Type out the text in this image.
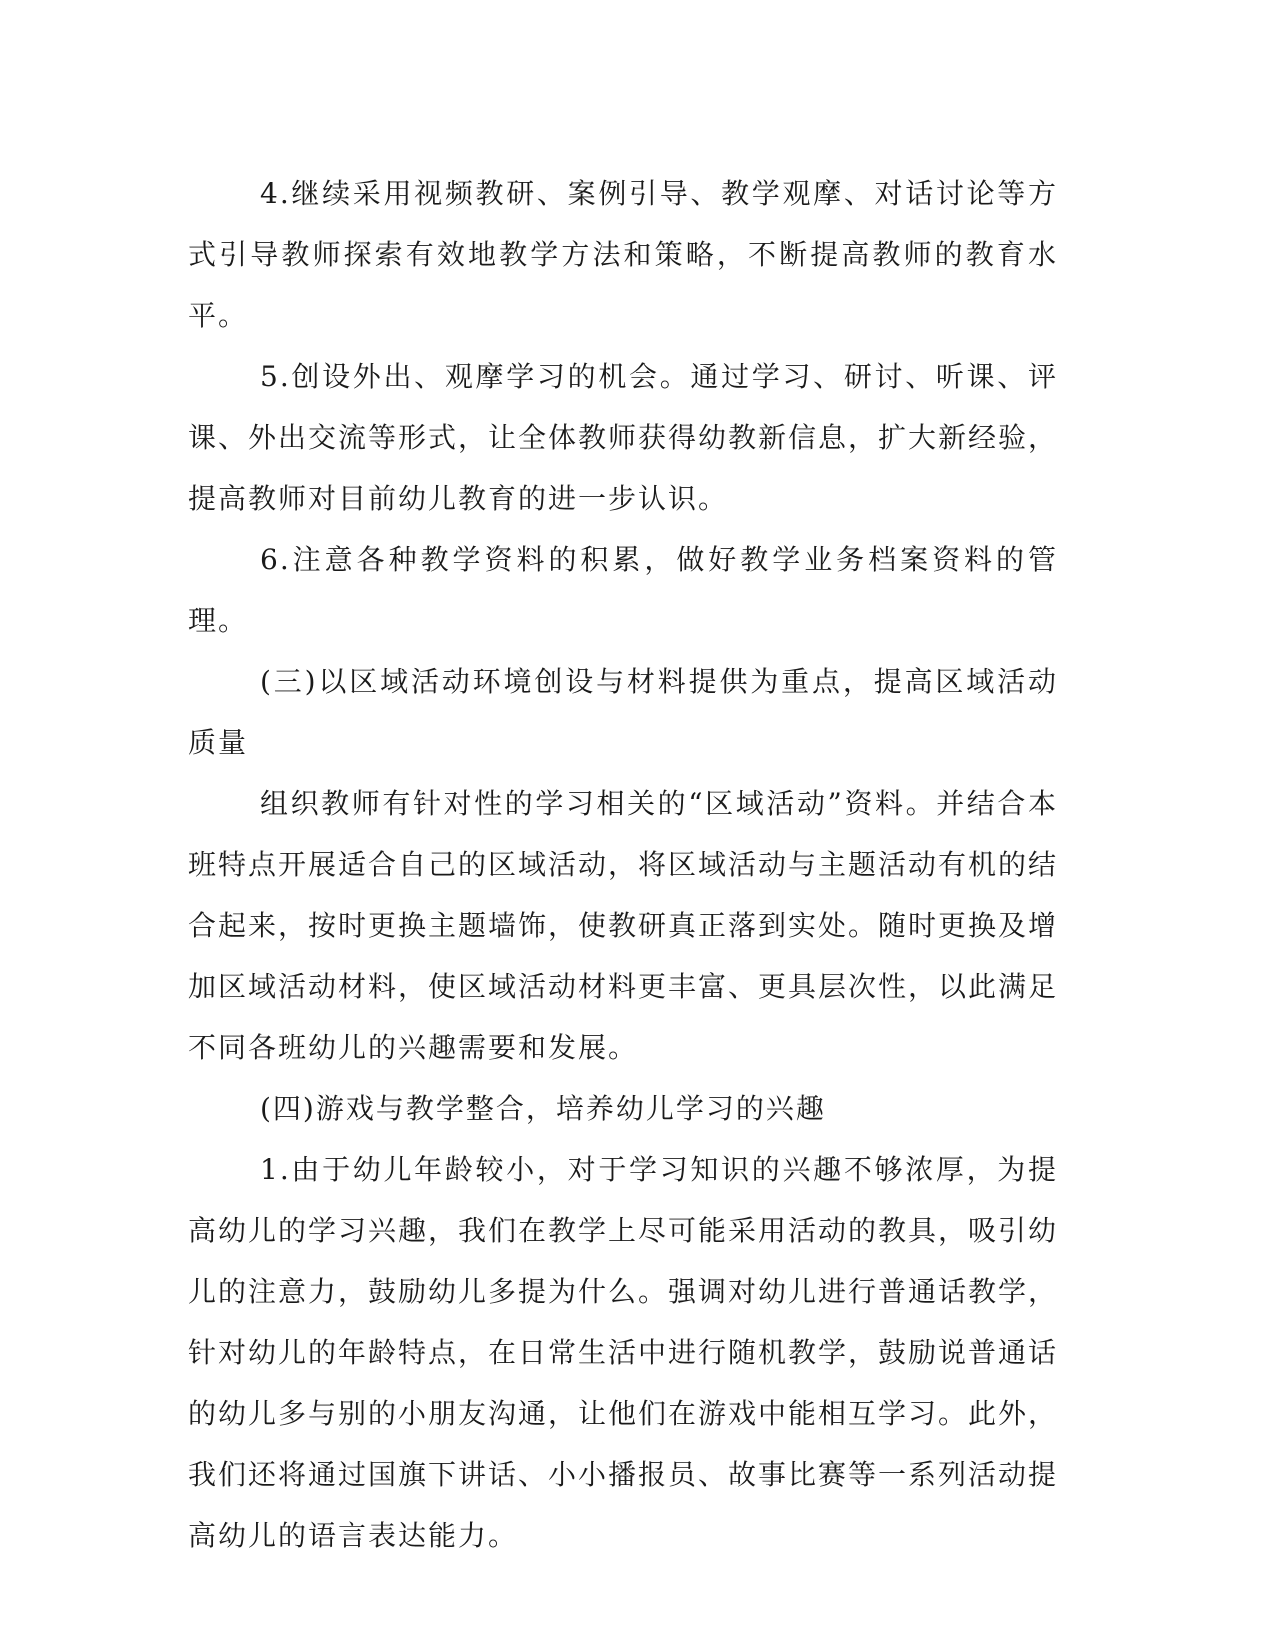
4.继续采用视频教研、案例引导、教学观摩、对话讨论等方式引导教师探索有效地教学方法和策略，不断提高教师的教育水平。

5.创设外出、观摩学习的机会。通过学习、研讨、听课、评课、外出交流等形式，让全体教师获得幼教新信息，扩大新经验，提高教师对目前幼儿教育的进一步认识。

6.注意各种教学资料的积累，做好教学业务档案资料的管理。

(三)以区域活动环境创设与材料提供为重点，提高区域活动质量

组织教师有针对性的学习相关的“区域活动”资料。并结合本班特点开展适合自己的区域活动，将区域活动与主题活动有机的结合起来，按时更换主题墙饰，使教研真正落到实处。随时更换及增加区域活动材料，使区域活动材料更丰富、更具层次性，以此满足不同各班幼儿的兴趣需要和发展。

(四)游戏与教学整合，培养幼儿学习的兴趣

1.由于幼儿年龄较小，对于学习知识的兴趣不够浓厚，为提高幼儿的学习兴趣，我们在教学上尽可能采用活动的教具，吸引幼儿的注意力，鼓励幼儿多提为什么。强调对幼儿进行普通话教学，针对幼儿的年龄特点，在日常生活中进行随机教学，鼓励说普通话的幼儿多与别的小朋友沟通，让他们在游戏中能相互学习。此外，我们还将通过国旗下讲话、小小播报员、故事比赛等一系列活动提高幼儿的语言表达能力。
